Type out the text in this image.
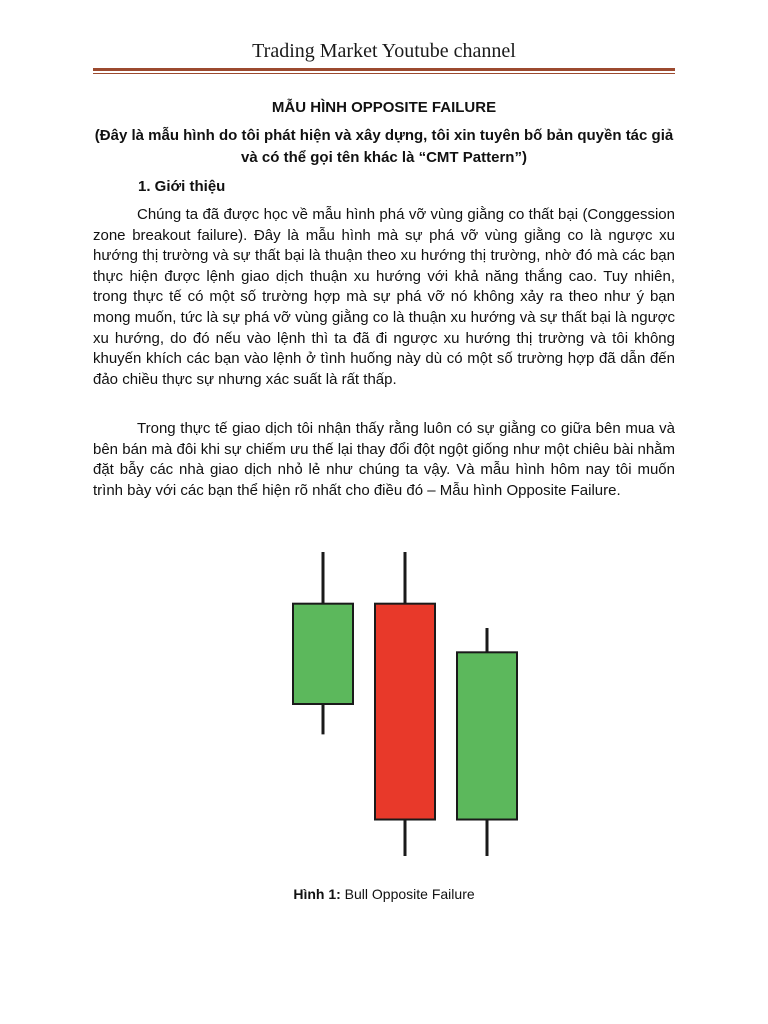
Trading Market Youtube channel
MẪU HÌNH OPPOSITE FAILURE
(Đây là mẫu hình do tôi phát hiện và xây dựng, tôi xin tuyên bố bản quyền tác giả và có thể gọi tên khác là “CMT Pattern”)
1. Giới thiệu

Chúng ta đã được học về mẫu hình phá vỡ vùng giằng co thất bại (Conggession zone breakout failure). Đây là mẫu hình mà sự phá vỡ vùng giằng co là ngược xu hướng thị trường và sự thất bại là thuận theo xu hướng thị trường, nhờ đó mà các bạn thực hiện được lệnh giao dịch thuận xu hướng với khả năng thắng cao. Tuy nhiên, trong thực tế có một số trường hợp mà sự phá vỡ nó không xảy ra theo như ý bạn mong muốn, tức là sự phá vỡ vùng giằng co là thuận xu hướng và sự thất bại là ngược xu hướng, do đó nếu vào lệnh thì ta đã đi ngược xu hướng thị trường và tôi không khuyến khích các bạn vào lệnh ở tình huống này dù có một số trường hợp đã dẫn đến đảo chiều thực sự nhưng xác suất là rất thấp.

Trong thực tế giao dịch tôi nhận thấy rằng luôn có sự giằng co giữa bên mua và bên bán mà đôi khi sự chiếm ưu thế lại thay đổi đột ngột giống như một chiêu bài nhằm đặt bẫy các nhà giao dịch nhỏ lẻ như chúng ta vậy. Và mẫu hình hôm nay tôi muốn trình bày với các bạn thể hiện rõ nhất cho điều đó – Mẫu hình Opposite Failure.

Hình 1: Bull Opposite Failure
